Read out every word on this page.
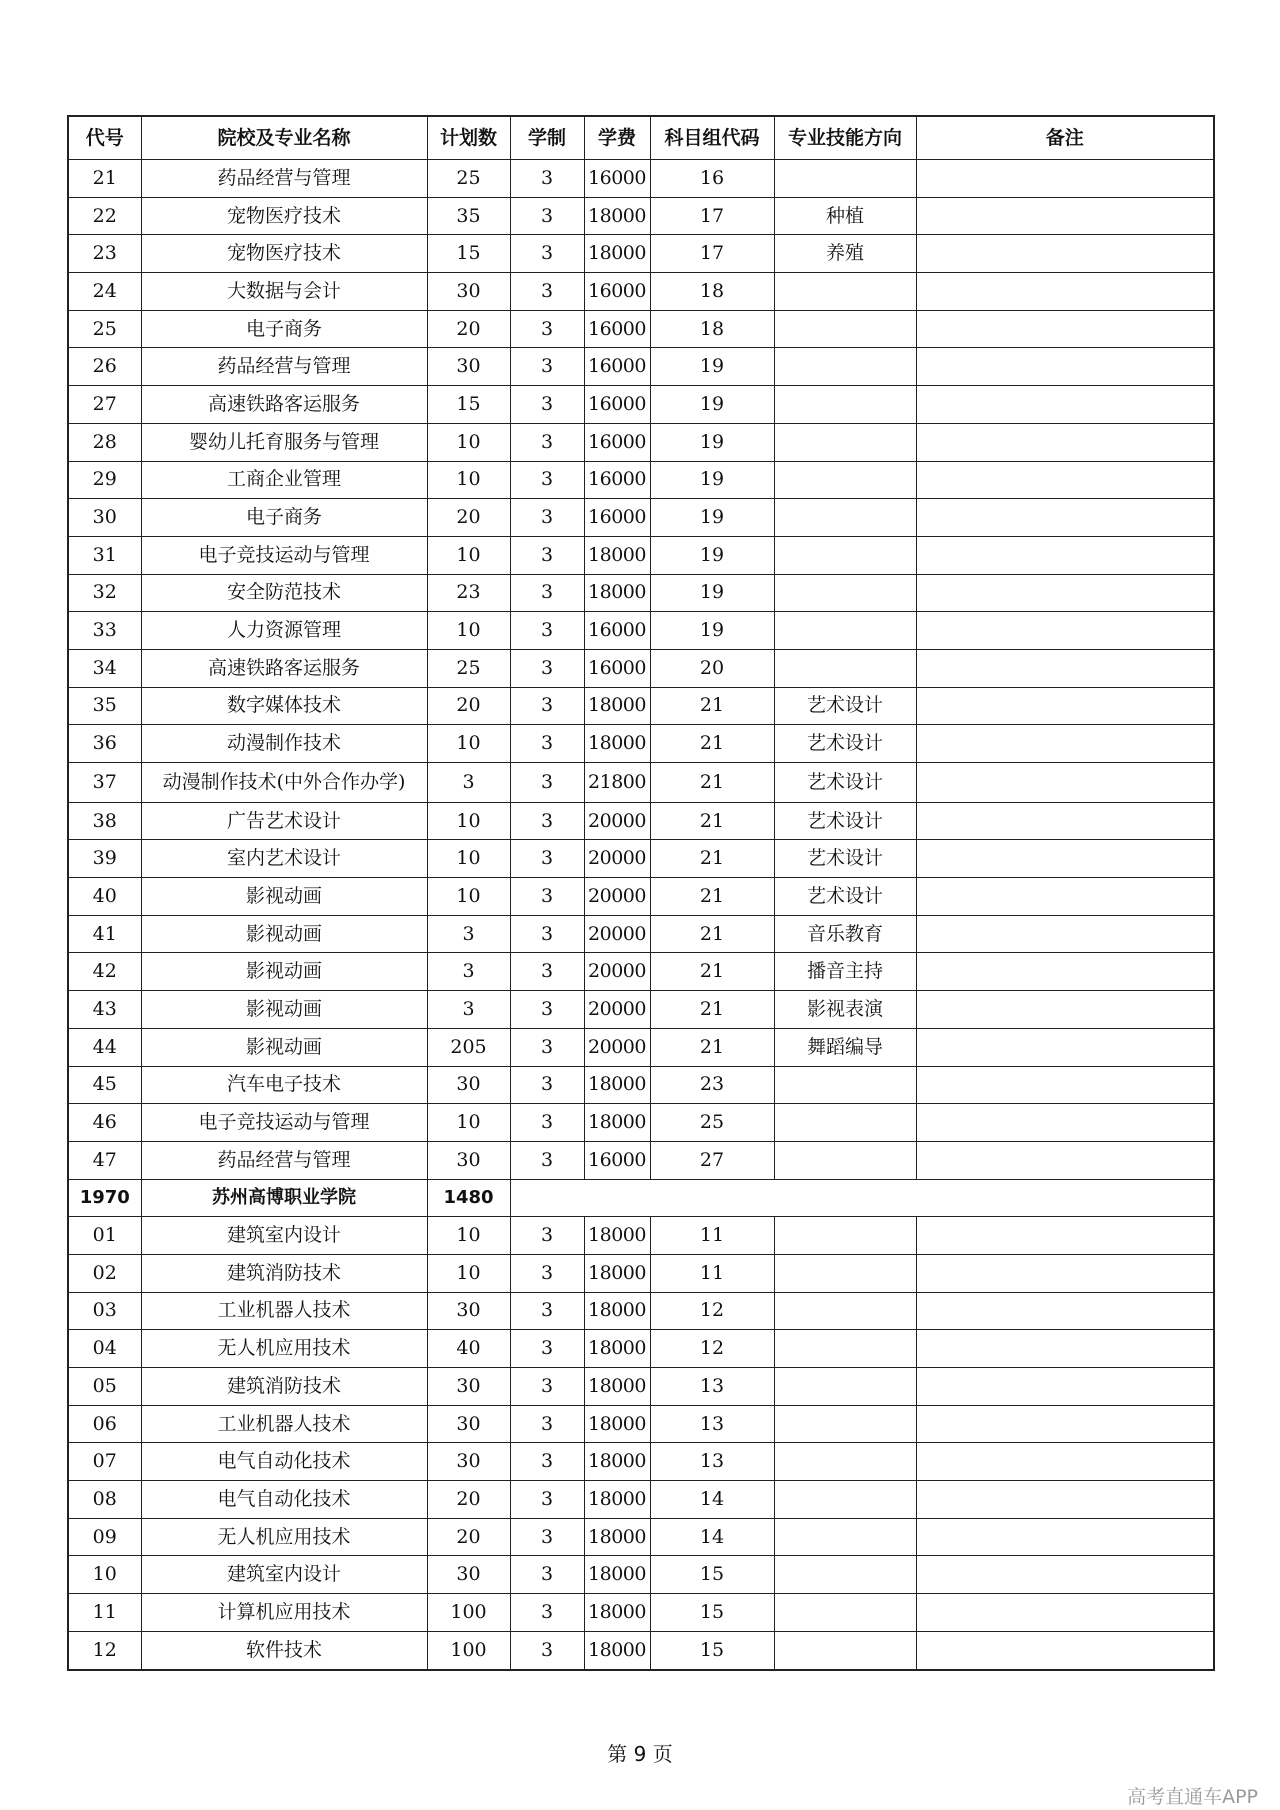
代号	院校及专业名称	计划数	学制	学费	科目组代码	专业技能方向	备注
21	药品经营与管理	25	3	16000	16		
22	宠物医疗技术	35	3	18000	17	种植	
23	宠物医疗技术	15	3	18000	17	养殖	
24	大数据与会计	30	3	16000	18		
25	电子商务	20	3	16000	18		
26	药品经营与管理	30	3	16000	19		
27	高速铁路客运服务	15	3	16000	19		
28	婴幼儿托育服务与管理	10	3	16000	19		
29	工商企业管理	10	3	16000	19		
30	电子商务	20	3	16000	19		
31	电子竞技运动与管理	10	3	18000	19		
32	安全防范技术	23	3	18000	19		
33	人力资源管理	10	3	16000	19		
34	高速铁路客运服务	25	3	16000	20		
35	数字媒体技术	20	3	18000	21	艺术设计	
36	动漫制作技术	10	3	18000	21	艺术设计	
37	动漫制作技术(中外合作办学)	3	3	21800	21	艺术设计	
38	广告艺术设计	10	3	20000	21	艺术设计	
39	室内艺术设计	10	3	20000	21	艺术设计	
40	影视动画	10	3	20000	21	艺术设计	
41	影视动画	3	3	20000	21	音乐教育	
42	影视动画	3	3	20000	21	播音主持	
43	影视动画	3	3	20000	21	影视表演	
44	影视动画	205	3	20000	21	舞蹈编导	
45	汽车电子技术	30	3	18000	23		
46	电子竞技运动与管理	10	3	18000	25		
47	药品经营与管理	30	3	16000	27		
1970	苏州高博职业学院	1480					
01	建筑室内设计	10	3	18000	11		
02	建筑消防技术	10	3	18000	11		
03	工业机器人技术	30	3	18000	12		
04	无人机应用技术	40	3	18000	12		
05	建筑消防技术	30	3	18000	13		
06	工业机器人技术	30	3	18000	13		
07	电气自动化技术	30	3	18000	13		
08	电气自动化技术	20	3	18000	14		
09	无人机应用技术	20	3	18000	14		
10	建筑室内设计	30	3	18000	15		
11	计算机应用技术	100	3	18000	15		
12	软件技术	100	3	18000	15		
第 9 页
高考直通车APP
